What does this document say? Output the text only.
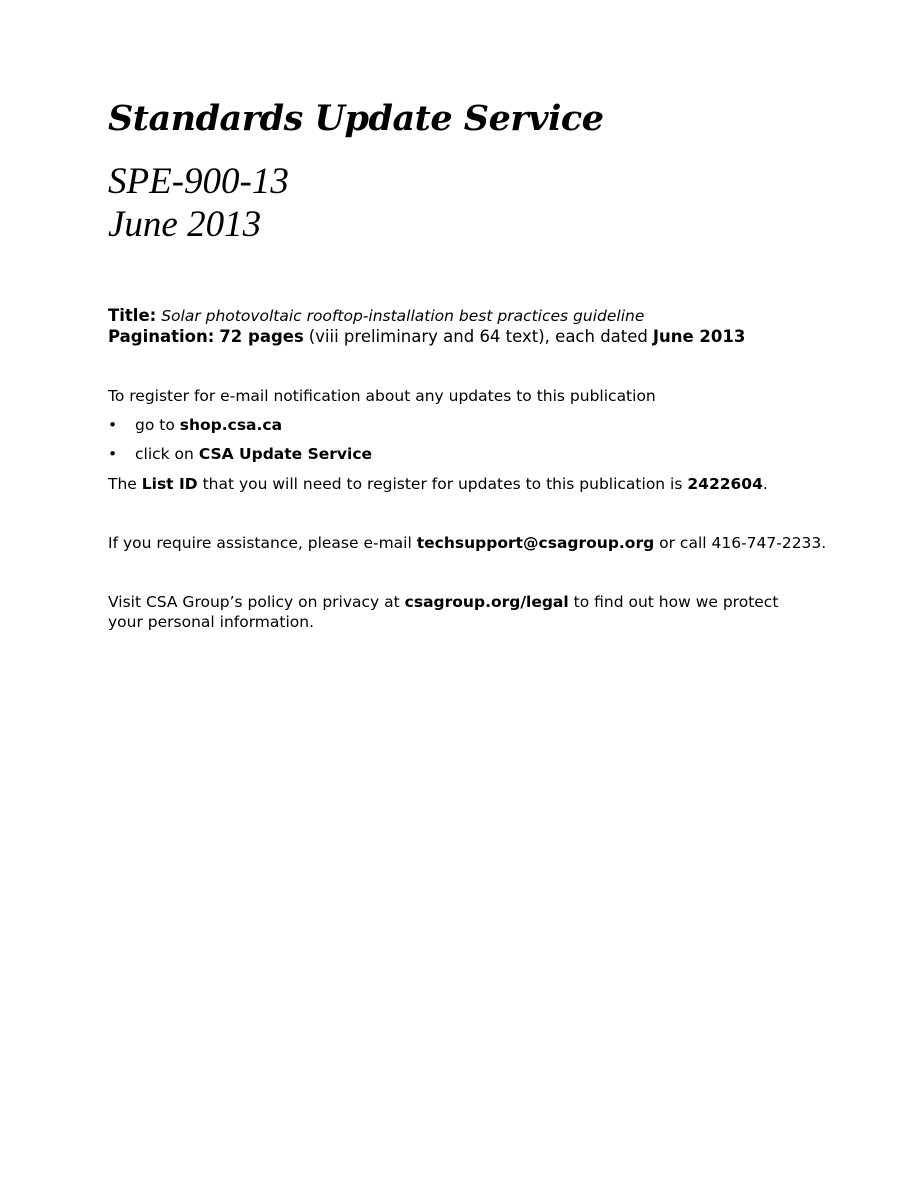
Standards Update Service

SPE-900-13

June 2013

Title: Solar photovoltaic rooftop-installation best practices guideline

Pagination: 72 pages (viii preliminary and 64 text), each dated June 2013

To register for e-mail notification about any updates to this publication

• go to shop.csa.ca
• click on CSA Update Service

The List ID that you will need to register for updates to this publication is 2422604.

If you require assistance, please e-mail techsupport@csagroup.org or call 416-747-2233.

Visit CSA Group’s policy on privacy at csagroup.org/legal to find out how we protect your personal information.
